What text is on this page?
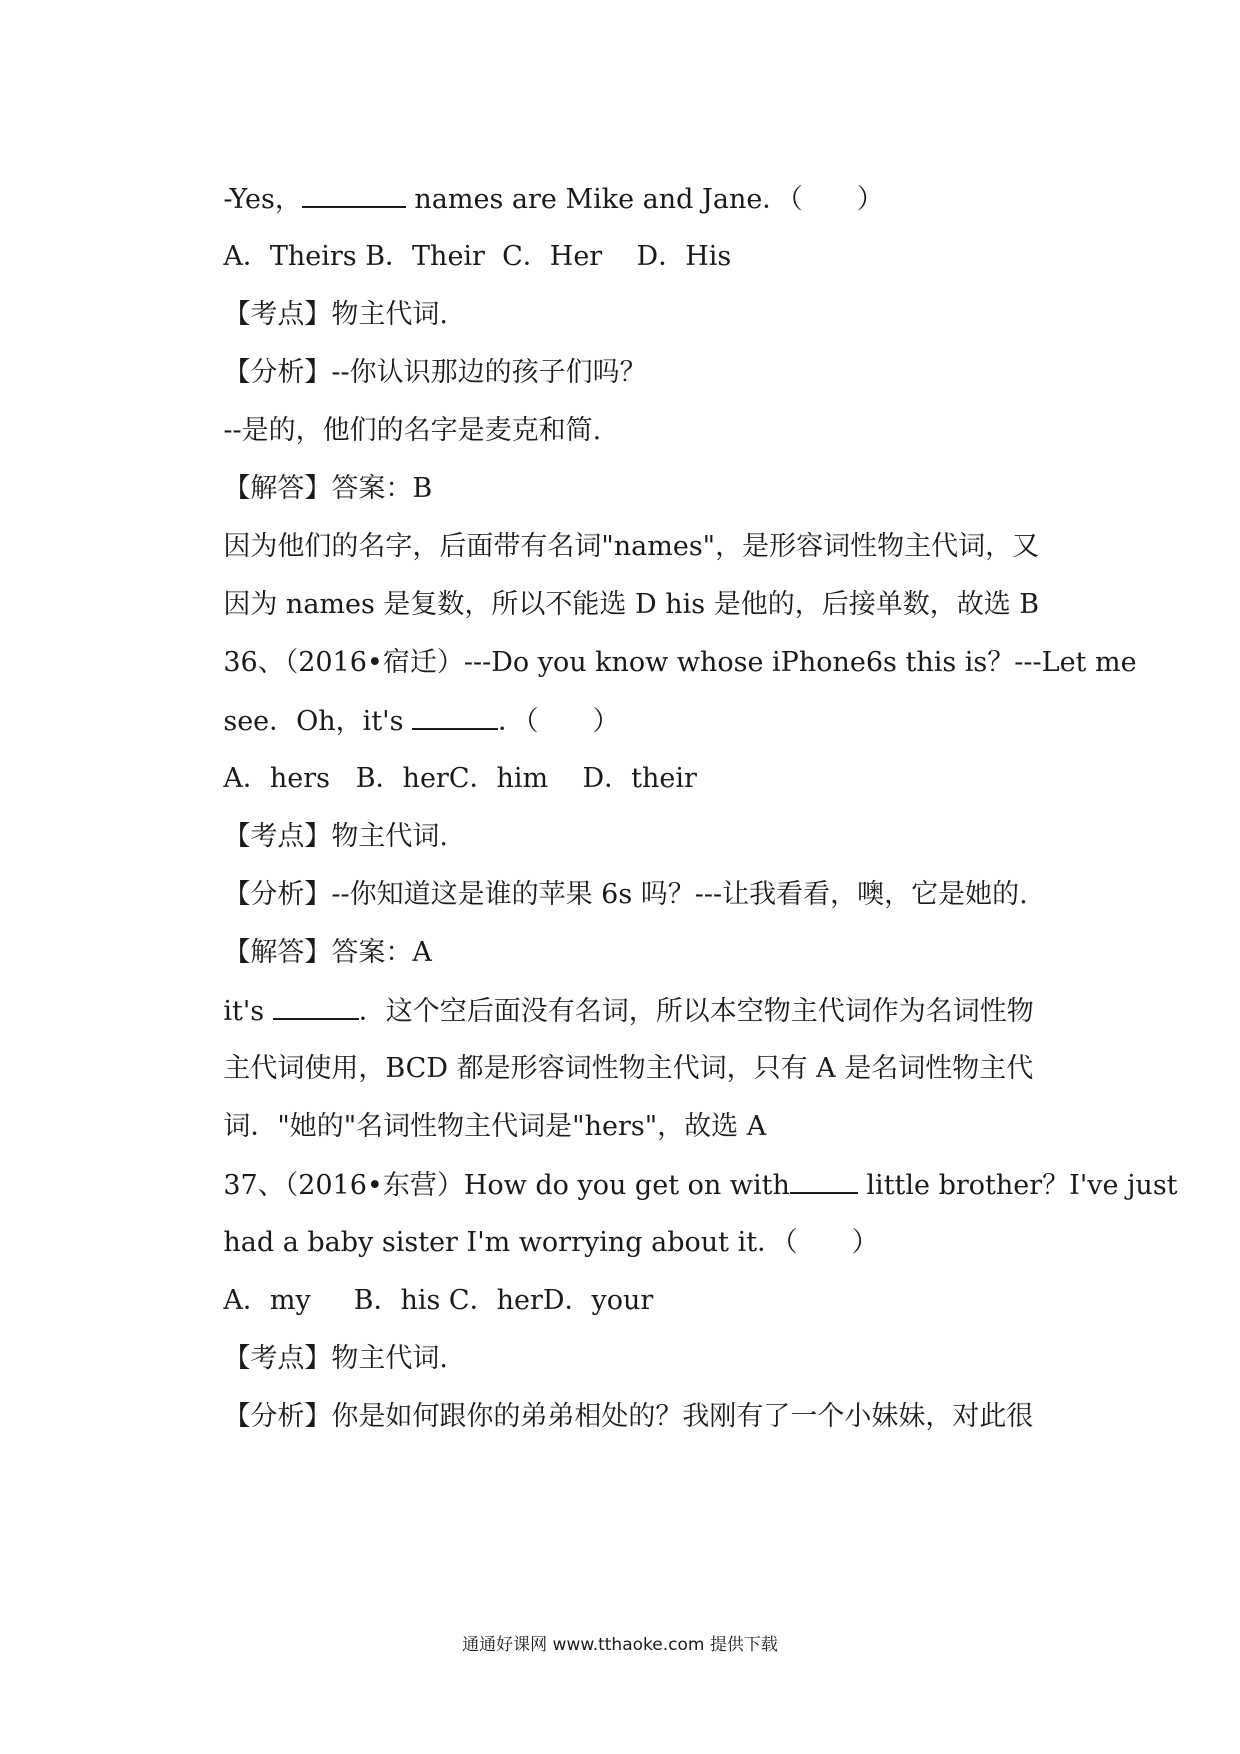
-Yes，	names are Mike and Jane．（　　）

A．Theirs B．Their  C．Her    D．His

【考点】物主代词.

【分析】--你认识那边的孩子们吗？

--是的，他们的名字是麦克和简.

【解答】答案：B

因为他们的名字，后面带有名词"names"，是形容词性物主代词，又

因为 names 是复数，所以不能选 D his 是他的，后接单数，故选 B

36、（2016•宿迁）---Do you know whose iPhone6s this is？---Let me

see．Oh，it's	．（　　）

A．hers   B．herC．him    D．their

【考点】物主代词.

【分析】--你知道这是谁的苹果 6s 吗？---让我看看，噢，它是她的.

【解答】答案：A

it's	．这个空后面没有名词，所以本空物主代词作为名词性物

主代词使用，BCD 都是形容词性物主代词，只有 A 是名词性物主代

词．"她的"名词性物主代词是"hers"，故选 A

37、（2016•东营）How do you get on with	little brother？I've just

had a baby sister I'm worrying about it．（　　）

A．my     B．his C．herD．your

【考点】物主代词.

【分析】你是如何跟你的弟弟相处的？我刚有了一个小妹妹，对此很

通通好课网 www.tthaoke.com 提供下载
